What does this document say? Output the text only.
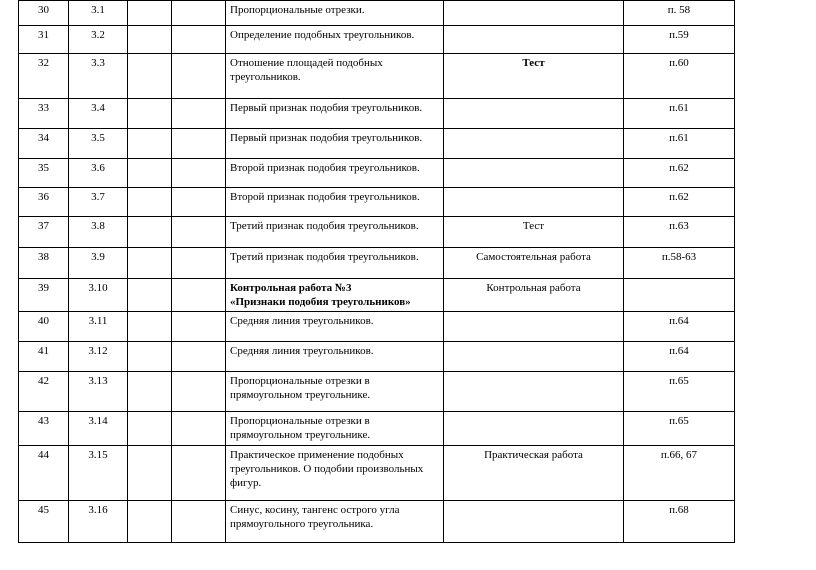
30	3.1			Пропорциональные отрезки.		п. 58
31	3.2			Определение подобных треугольников.		п.59
32	3.3			Отношение площадей подобных треугольников.	Тест	п.60
33	3.4			Первый признак подобия треугольников.		п.61
34	3.5			Первый признак подобия треугольников.		п.61
35	3.6			Второй признак подобия треугольников.		п.62
36	3.7			Второй признак подобия треугольников.		п.62
37	3.8			Третий признак подобия треугольников.	Тест	п.63
38	3.9			Третий признак подобия треугольников.	Самостоятельная работа	п.58-63
39	3.10			Контрольная работа №3
«Признаки подобия треугольников»	Контрольная работа	
40	3.11			Средняя линия треугольников.		п.64
41	3.12			Средняя линия треугольников.		п.64
42	3.13			Пропорциональные отрезки в прямоугольном треугольнике.		п.65
43	3.14			Пропорциональные отрезки в прямоугольном треугольнике.		п.65
44	3.15			Практическое применение подобных треугольников. О подобии произвольных фигур.	Практическая работа	п.66, 67
45	3.16			Синус, косину, тангенс острого угла прямоугольного треугольника.		п.68
